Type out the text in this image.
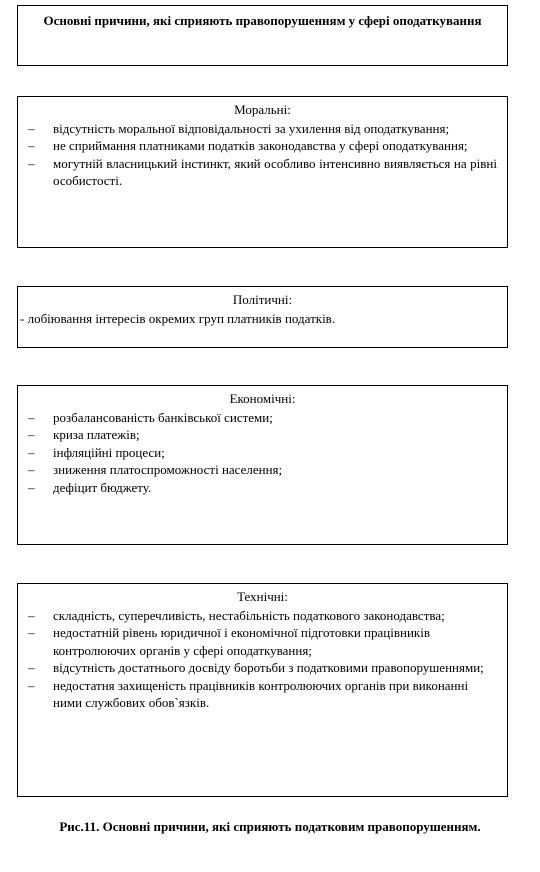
Основні причини, які сприяють правопорушенням у сфері оподаткування
Моральні:
– відсутність моральної відповідальності за ухилення від оподаткування;
– не сприймання платниками податків законодавства у сфері оподаткування;
– могутній власницький інстинкт, який особливо інтенсивно виявляється на рівні особистості.
Політичні:
- лобіювання інтересів окремих груп платників податків.
Економічні:
– розбалансованість банківської системи;
– криза платежів;
– інфляційні процеси;
– зниження платоспроможності населення;
– дефіцит бюджету.
Технічні:
– складність, суперечливість, нестабільність податкового законодавства;
– недостатній рівень юридичної і економічної підготовки працівників контролюючих органів у сфері оподаткування;
– відсутність достатнього досвіду боротьби з податковими правопорушеннями;
– недостатня захищеність працівників контролюючих органів при виконанні ними службових обов`язків.
Рис.11. Основні причини, які сприяють податковим правопорушенням.
